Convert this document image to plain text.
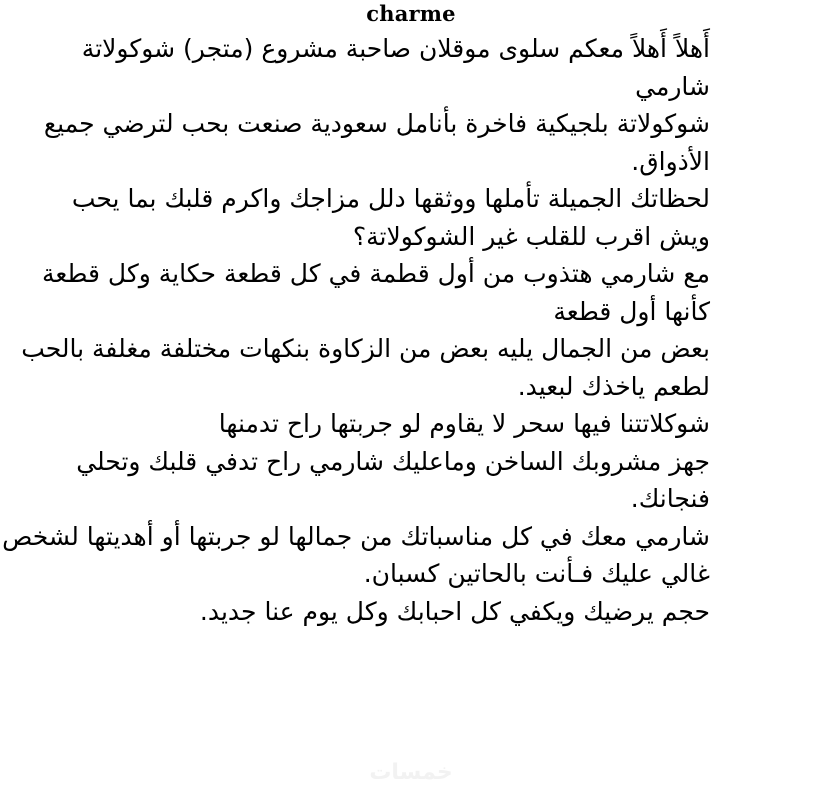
charme

أَهلاً أَهلاً معكم سلوى موقلان صاحبة مشروع (متجر) شوكولاتة شارمي

شوكولاتة بلجيكية فاخرة بأنامل سعودية صنعت بحب لترضي جميع الأذواق.

لحظاتك الجميلة تأملها ووثقها دلل مزاجك واكرم قلبك بما يحب

ويش اقرب للقلب غير الشوكولاتة؟

مع شارمي هتذوب من أول قطمة في كل قطعة حكاية وكل قطعة كأنها أول قطعة

بعض من الجمال يليه بعض من الزكاوة بنكهات مختلفة مغلفة بالحب لطعم ياخذك لبعيد.

شوكلاتتنا فيها سحر لا يقاوم لو جربتها راح تدمنها

جهز مشروبك الساخن وماعليك شارمي راح تدفي قلبك وتحلي فنجانك.

شارمي معك في كل مناسباتك من جمالها لو جربتها أو أهديتها لشخص غالي عليك فـأنت بالحاتين كسبان.

حجم يرضيك ويكفي كل احبابك وكل يوم عنا جديد.

خمسات
